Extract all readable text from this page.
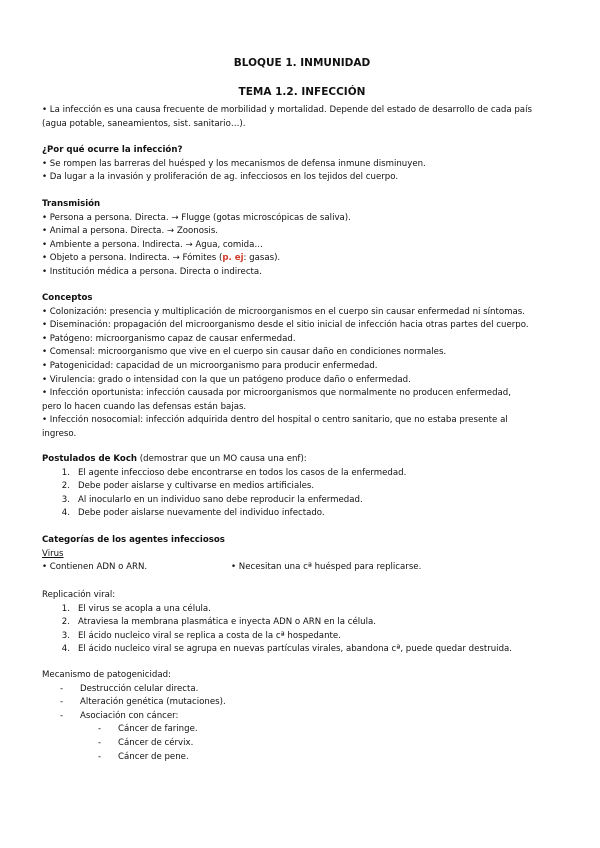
BLOQUE 1. INMUNIDAD
TEMA 1.2. INFECCIÓN
• La infección es una causa frecuente de morbilidad y mortalidad. Depende del estado de desarrollo de cada país
(agua potable, saneamientos, sist. sanitario…).
¿Por qué ocurre la infección?
• Se rompen las barreras del huésped y los mecanismos de defensa inmune disminuyen.
• Da lugar a la invasión y proliferación de ag. infecciosos en los tejidos del cuerpo.
Transmisión
• Persona a persona. Directa. → Flugge (gotas microscópicas de saliva).
• Animal a persona. Directa. → Zoonosis.
• Ambiente a persona. Indirecta. → Agua, comida…
• Objeto a persona. Indirecta. → Fómites (p. ej: gasas).
• Institución médica a persona. Directa o indirecta.
Conceptos
• Colonización: presencia y multiplicación de microorganismos en el cuerpo sin causar enfermedad ni síntomas.
• Diseminación: propagación del microorganismo desde el sitio inicial de infección hacia otras partes del cuerpo.
• Patógeno: microorganismo capaz de causar enfermedad.
• Comensal: microorganismo que vive en el cuerpo sin causar daño en condiciones normales.
• Patogenicidad: capacidad de un microorganismo para producir enfermedad.
• Virulencia: grado o intensidad con la que un patógeno produce daño o enfermedad.
• Infección oportunista: infección causada por microorganismos que normalmente no producen enfermedad,
pero lo hacen cuando las defensas están bajas.
• Infección nosocomial: infección adquirida dentro del hospital o centro sanitario, que no estaba presente al
ingreso.
Postulados de Koch (demostrar que un MO causa una enf):
1. El agente infeccioso debe encontrarse en todos los casos de la enfermedad.
2. Debe poder aislarse y cultivarse en medios artificiales.
3. Al inocularlo en un individuo sano debe reproducir la enfermedad.
4. Debe poder aislarse nuevamente del individuo infectado.
Categorías de los agentes infecciosos
Virus
• Contienen ADN o ARN.	• Necesitan una cª huésped para replicarse.
Replicación viral:
1. El virus se acopla a una célula.
2. Atraviesa la membrana plasmática e inyecta ADN o ARN en la célula.
3. El ácido nucleico viral se replica a costa de la cª hospedante.
4. El ácido nucleico viral se agrupa en nuevas partículas virales, abandona cª, puede quedar destruida.
Mecanismo de patogenicidad:
- Destrucción celular directa.
- Alteración genética (mutaciones).
- Asociación con cáncer:
- Cáncer de faringe.
- Cáncer de cérvix.
- Cáncer de pene.
